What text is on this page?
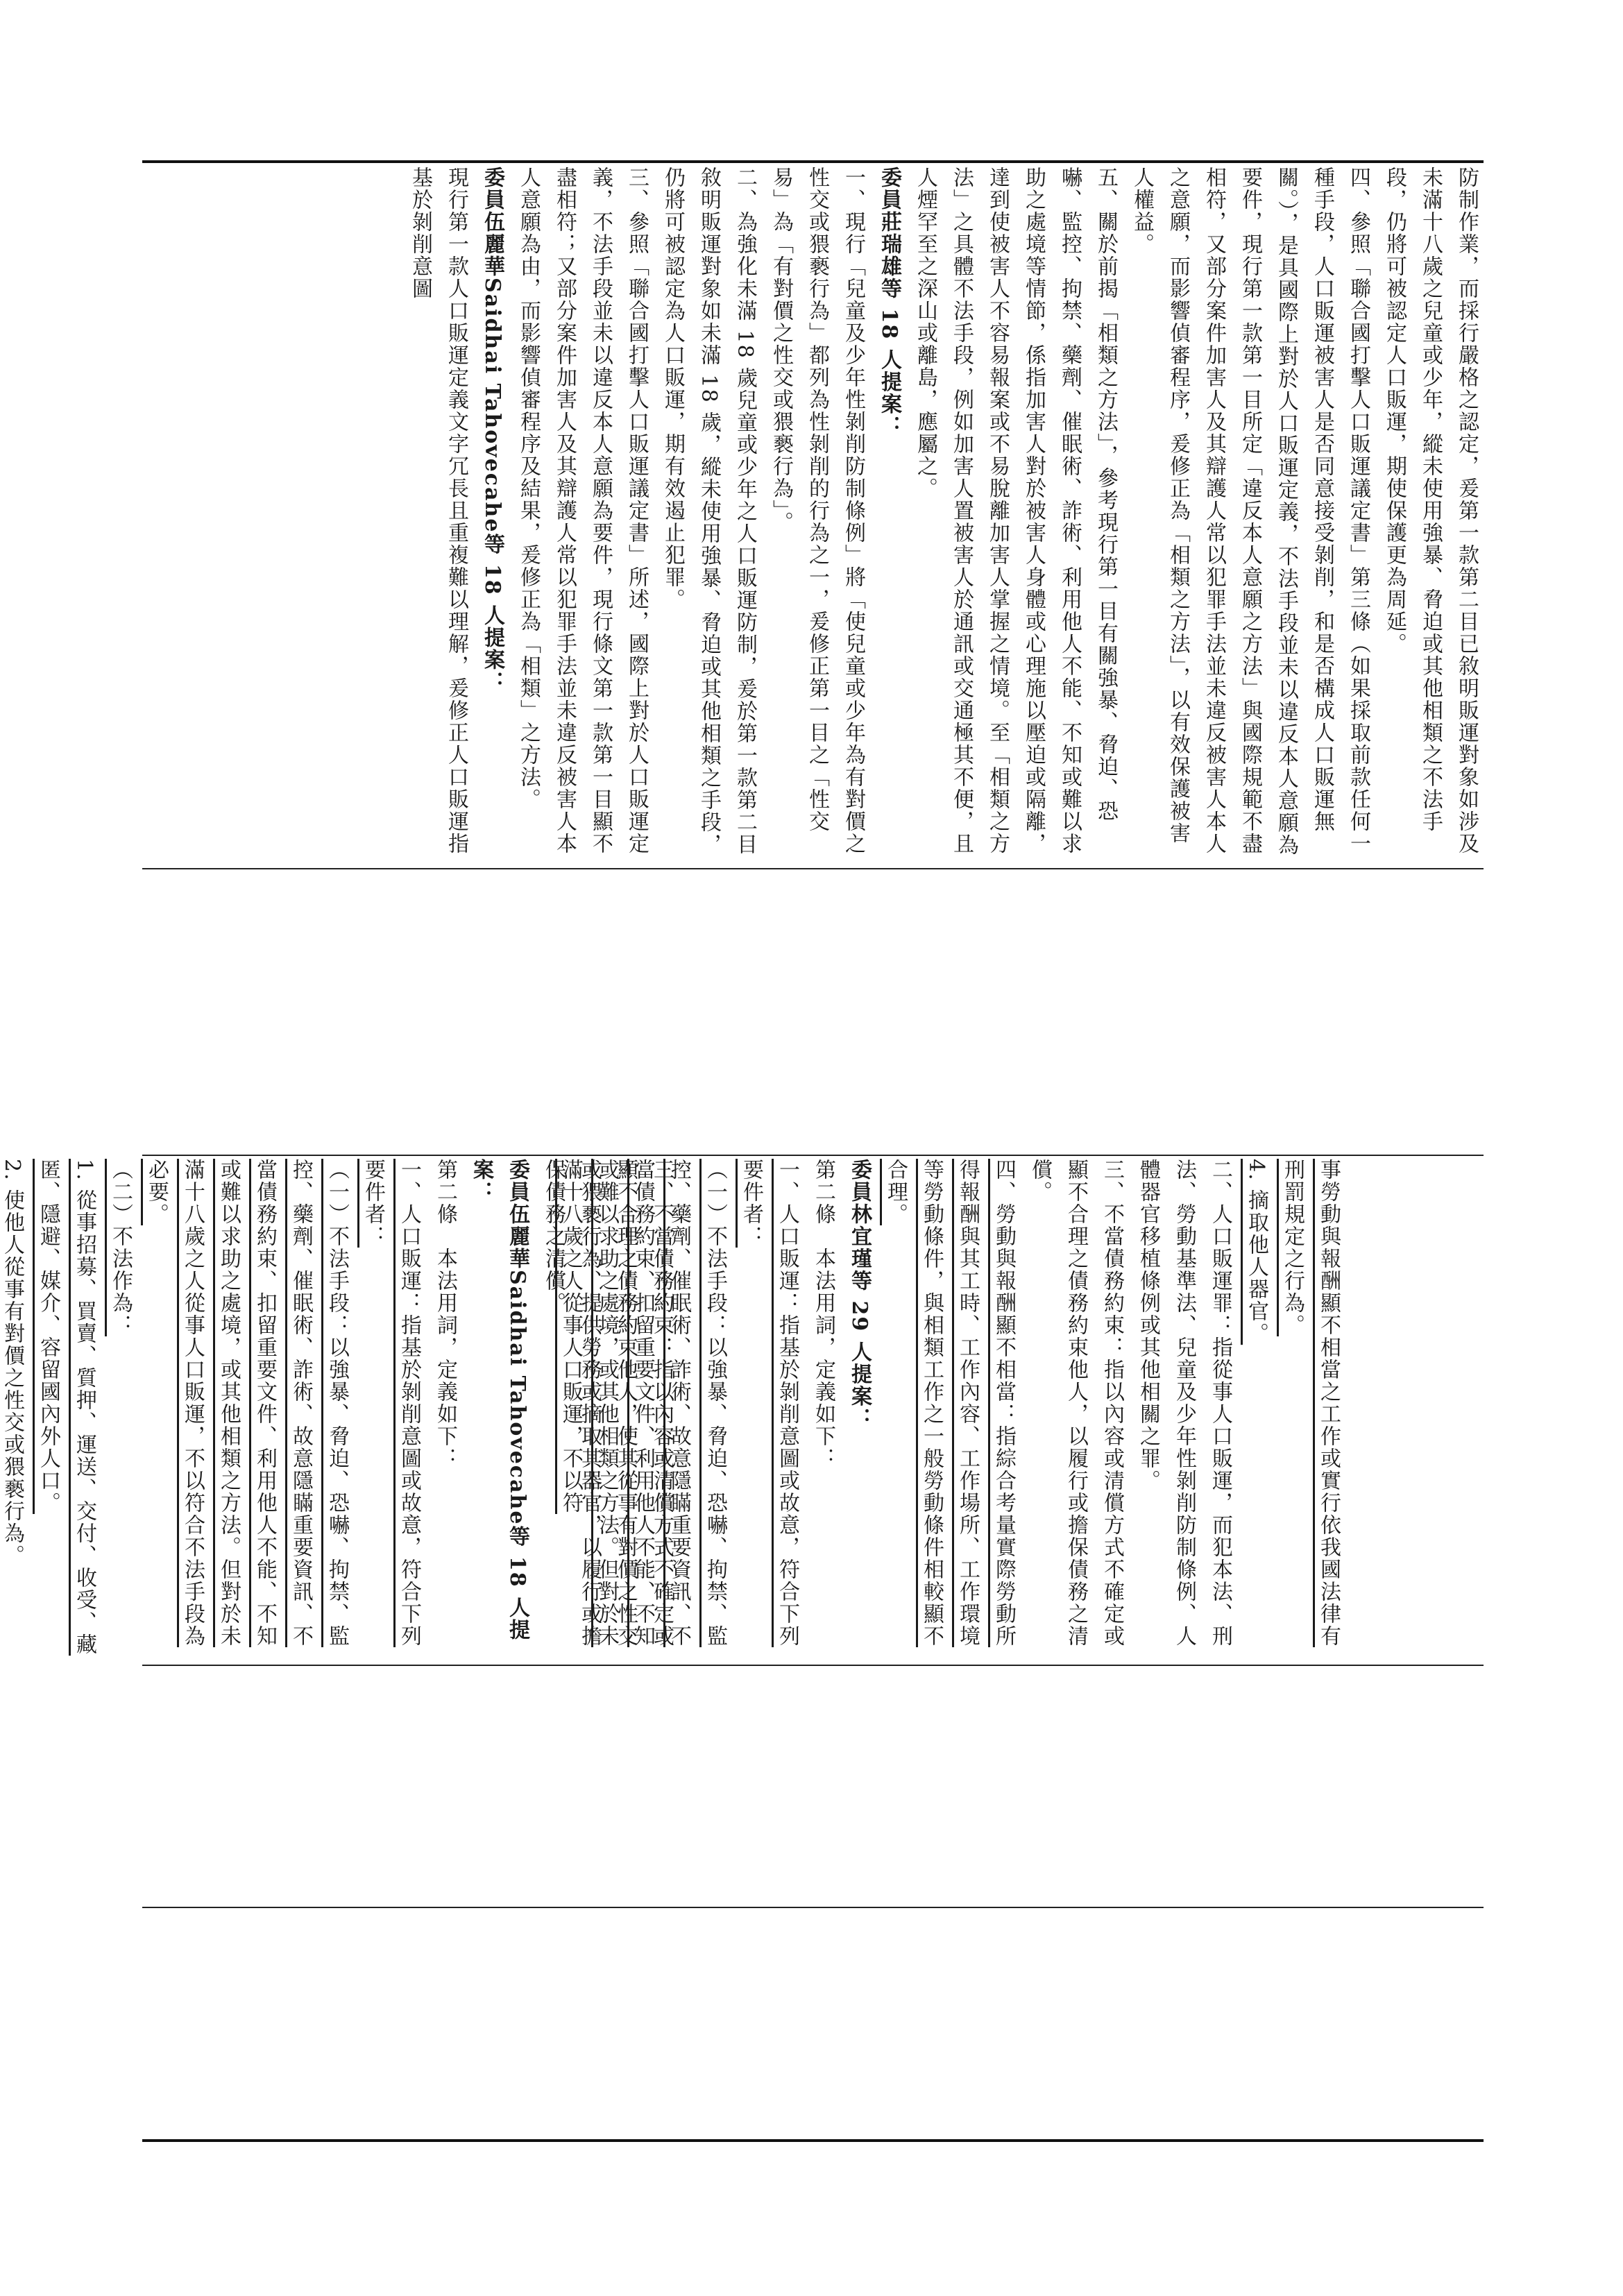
防制作業，而採行嚴格之認定，爰第一款第二目已敘明販運對象如涉及未滿十八歲之兒童或少年，縱未使用強暴、脅迫或其他相類之不法手段，仍將可被認定人口販運，期使保護更為周延。
四、參照「聯合國打擊人口販運議定書」第三條（如果採取前款任何一種手段，人口販運被害人是否同意接受剝削，和是否構成人口販運無關。），是具國際上對於人口販運定義，不法手段並未以違反本人意願為要件，現行第一款第一目所定「違反本人意願之方法」與國際規範不盡相符，又部分案件加害人及其辯護人常以犯罪手法並未違反被害人本人之意願，而影響偵審程序，爰修正為「相類之方法」，以有效保護被害人權益。
五、關於前揭「相類之方法」，參考現行第一目有關強暴、脅迫、恐嚇、監控、拘禁、藥劑、催眠術、詐術、利用他人不能、不知或難以求助之處境等情節，係指加害人對於被害人身體或心理施以壓迫或隔離，達到使被害人不容易報案或不易脫離加害人掌握之情境。至「相類之方法」之具體不法手段，例如加害人置被害人於通訊或交通極其不便，且人煙罕至之深山或離島，應屬之。
委員莊瑞雄等 18 人提案：
一、現行「兒童及少年性剝削防制條例」將「使兒童或少年為有對價之性交或猥褻行為」都列為性剝削的行為之一，爰修正第一目之「性交易」為「有對價之性交或猥褻行為」。
二、為強化未滿 18 歲兒童或少年之人口販運防制，爰於第一款第二目敘明販運對象如未滿 18 歲，縱未使用強暴、脅迫或其他相類之手段，仍將可被認定為人口販運，期有效遏止犯罪。
三、參照「聯合國打擊人口販運議定書」所述，國際上對於人口販運定義，不法手段並未以違反本人意願為要件，現行條文第一款第一目顯不盡相符；又部分案件加害人及其辯護人常以犯罪手法並未違反被害人本人意願為由，而影響偵審程序及結果，爰修正為「相類」之方法。
委員伍麗華Saidhai Tahovecahe等 18 人提案：
現行第一款人口販運定義文字冗長且重複難以理解，爰修正人口販運指基於剝削意圖
三、不當債務約束：指以內容或清償方式不確定或顯不合理之債務約束他人，使其從事有對價之性交或猥褻行為、提供勞務或摘取其器官，以履行或擔保債務之清償。
委員伍麗華Saidhai Tahovecahe等 18 人提案：
第二條　本法用詞，定義如下：
一、人口販運：指基於剝削意圖或故意，符合下列要件者：
（一）不法手段：以強暴、脅迫、恐嚇、拘禁、監控、藥劑、催眠術、詐術、故意隱瞞重要資訊、不當債務約束、扣留重要文件、利用他人不能、不知或難以求助之處境，或其他相類之方法。但對於未滿十八歲之人從事人口販運，不以符合不法手段為必要。
（二）不法作為：
1. 從事招募、買賣、質押、運送、交付、收受、藏匿、隱避、媒介、容留國內外人口。
2. 使他人從事有對價之性交或猥褻行為。	事勞動與報酬顯不相當之工作或實行依我國法律有刑罰規定之行為。
4. 摘取他人器官。
二、人口販運罪：指從事人口販運，而犯本法、刑法、勞動基準法、兒童及少年性剝削防制條例、人體器官移植條例或其他相關之罪。
三、不當債務約束：指以內容或清償方式不確定或顯不合理之債務約束他人，以履行或擔保債務之清償。
四、勞動與報酬顯不相當：指綜合考量實際勞動所得報酬與其工時、工作內容、工作場所、工作環境等勞動條件，與相類工作之一般勞動條件相較顯不合理。
委員林宜瑾等 29 人提案：
第二條　本法用詞，定義如下：
一、人口販運：指基於剝削意圖或故意，符合下列要件者：
（一）不法手段：以強暴、脅迫、恐嚇、拘禁、監控、藥劑、催眠術、詐術、故意隱瞞重要資訊、不當債務約束、扣留重要文件、利用他人不能、不知或難以求助之處境，或其他相類之方法。但對於未滿十八歲之人從事人口販運，不以符
